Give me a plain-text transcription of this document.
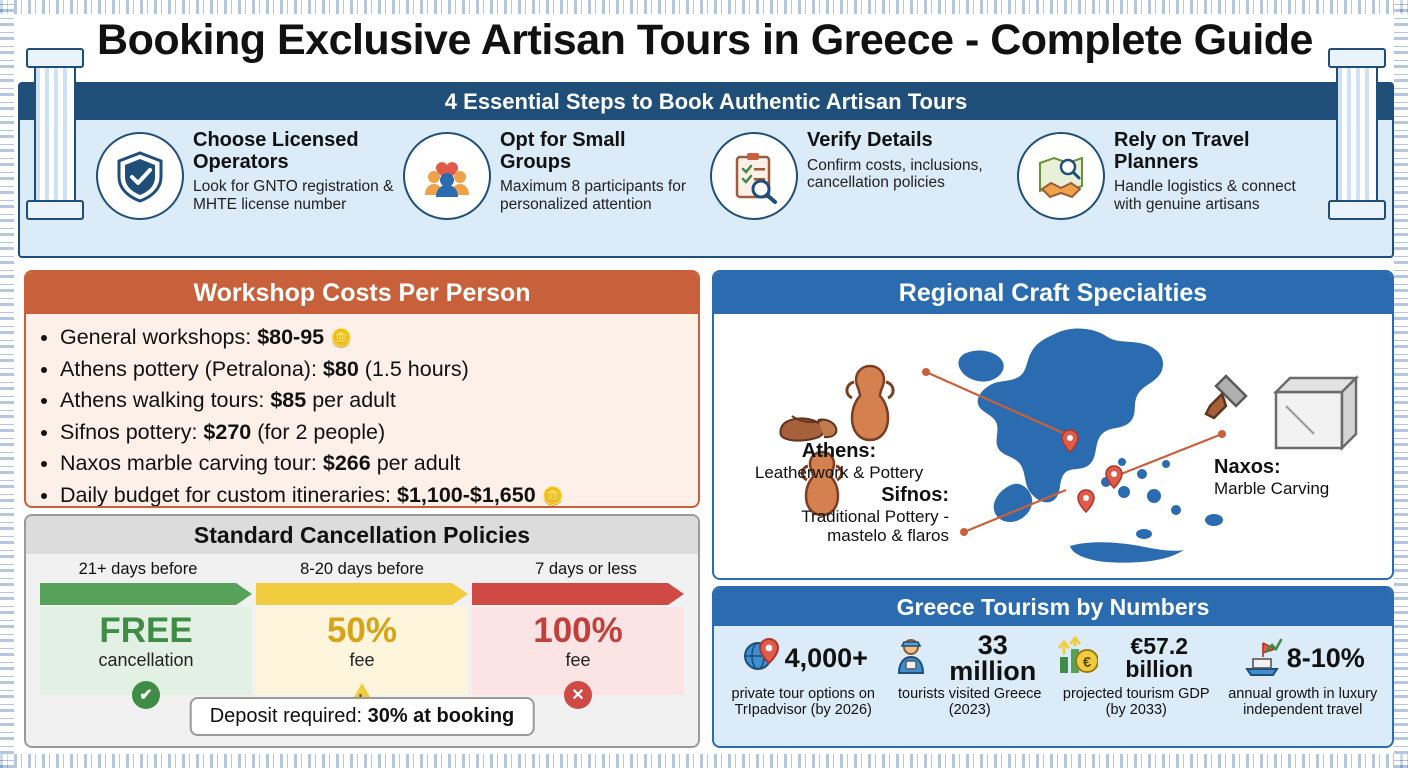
Booking Exclusive Artisan Tours in Greece - Complete Guide
4 Essential Steps to Book Authentic Artisan Tours
Choose Licensed Operators
Look for GNTO registration & MHTE license number
Opt for Small Groups
Maximum 8 participants for personalized attention
Verify Details
Confirm costs, inclusions, cancellation policies
Rely on Travel Planners
Handle logistics & connect with genuine artisans
Workshop Costs Per Person
• General workshops: $80-95 🪙
• Athens pottery (Petralona): $80 (1.5 hours)
• Athens walking tours: $85 per adult
• Sifnos pottery: $270 (for 2 people)
• Naxos marble carving tour: $266 per adult
• Daily budget for custom itineraries: $1,100-$1,650 🪙
Standard Cancellation Policies
21+ days before	8-20 days before	7 days or less
FREE
cancellation
✔
50%
fee
100%
fee
✕
Deposit required: 30% at booking
Regional Craft Specialties
Athens:
Leatherwork & Pottery
Sifnos:
Traditional Pottery - mastelo & flaros
Naxos:
Marble Carving
Greece Tourism by Numbers
4,000+
private tour options on TrIpadvisor (by 2026)
33 million
tourists visited Greece (2023)
€
€57.2 billion
projected tourism GDP (by 2033)
8-10%
annual growth in luxury independent travel
